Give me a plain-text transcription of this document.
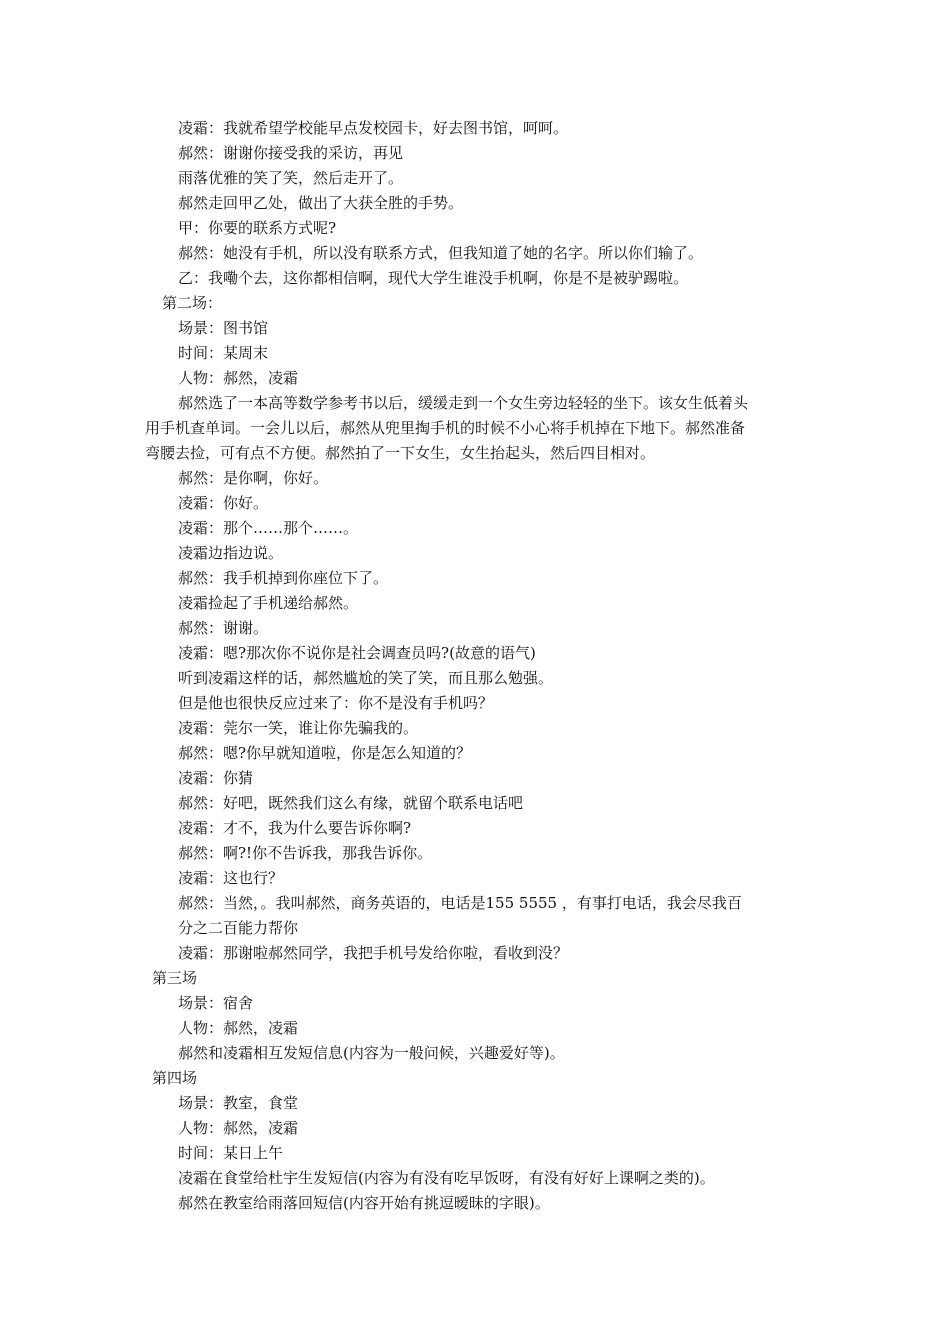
凌霜：我就希望学校能早点发校园卡，好去图书馆，呵呵。
郝然：谢谢你接受我的采访，再见
雨落优雅的笑了笑，然后走开了。
郝然走回甲乙处，做出了大获全胜的手势。
甲：你要的联系方式呢?
郝然：她没有手机，所以没有联系方式，但我知道了她的名字。所以你们输了。
乙：我嘞个去，这你都相信啊，现代大学生谁没手机啊，你是不是被驴踢啦。
第二场：
场景：图书馆
时间：某周末
人物：郝然，凌霜
郝然选了一本高等数学参考书以后，缓缓走到一个女生旁边轻轻的坐下。该女生低着头
用手机查单词。一会儿以后，郝然从兜里掏手机的时候不小心将手机掉在下地下。郝然准备
弯腰去捡，可有点不方便。郝然拍了一下女生，女生抬起头，然后四目相对。
郝然：是你啊，你好。
凌霜：你好。
凌霜：那个……那个……。
凌霜边指边说。
郝然：我手机掉到你座位下了。
凌霜捡起了手机递给郝然。
郝然：谢谢。
凌霜：嗯?那次你不说你是社会调查员吗?(故意的语气)
听到凌霜这样的话，郝然尴尬的笑了笑，而且那么勉强。
但是他也很快反应过来了：你不是没有手机吗？
凌霜：莞尔一笑，谁让你先骗我的。
郝然：嗯?你早就知道啦，你是怎么知道的？
凌霜：你猜
郝然：好吧，既然我们这么有缘，就留个联系电话吧
凌霜：才不，我为什么要告诉你啊?
郝然：啊?!你不告诉我，那我告诉你。
凌霜：这也行？
郝然：当然，。我叫郝然，商务英语的，电话是155 5555 ，有事打电话，我会尽我百
分之二百能力帮你
凌霜：那谢啦郝然同学，我把手机号发给你啦，看收到没？
第三场
场景：宿舍
人物：郝然，凌霜
郝然和凌霜相互发短信息(内容为一般问候，兴趣爱好等)。
第四场
场景：教室，食堂
人物：郝然，凌霜
时间：某日上午
凌霜在食堂给杜宇生发短信(内容为有没有吃早饭呀，有没有好好上课啊之类的)。
郝然在教室给雨落回短信(内容开始有挑逗暧昧的字眼)。
